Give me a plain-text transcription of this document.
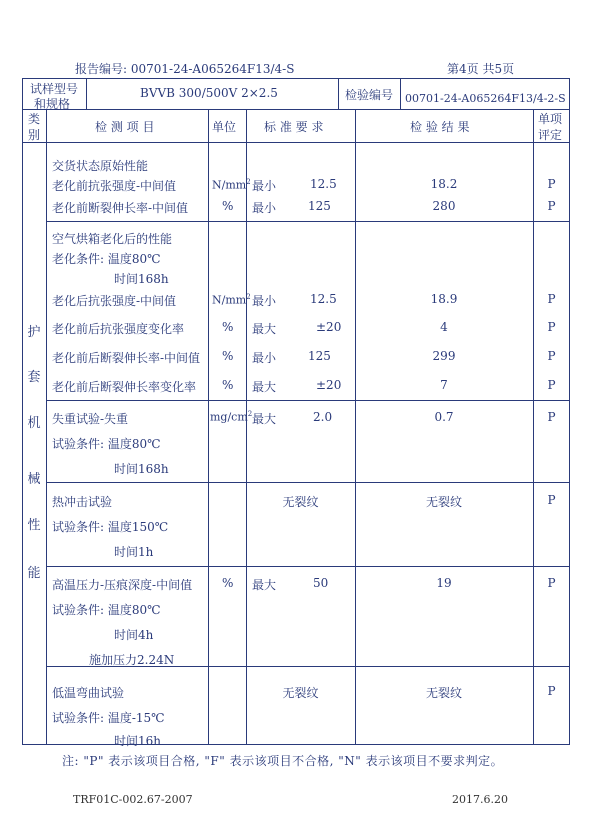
报告编号: 00701-24-A065264F13/4-S	第4页 共5页
试样型号
和规格
BVVB 300/500V 2×2.5	检验编号 00701-24-A065264F13/4-2-S
类
别
检 测 项 目	单位 标 准 要 求	检 验 结 果
单项
评定
护
套
机
械
性
能
交货状态原始性能
老化前抗张强度-中间值	$N/mm^2$ 最小	12.5	18.2	P
老化前断裂伸长率-中间值	% 最小	125	280	P
空气烘箱老化后的性能
老化条件: 温度80℃
时间168h
老化后抗张强度-中间值	$N/mm^2$ 最小	12.5	18.9	P
老化前后抗张强度变化率	% 最大	±20	4	P
老化前后断裂伸长率-中间值 % 最小	125	299	P
老化前后断裂伸长率变化率 % 最大	±20	7	P
失重试验-失重	$mg/cm^2$ 最大	2.0	0.7	P
试验条件: 温度80℃
时间168h
热冲击试验	无裂纹	无裂纹	P
试验条件: 温度150℃
时间1h
高温压力-压痕深度-中间值 % 最大	50	19	P
试验条件: 温度80℃
时间4h
施加压力2.24N
低温弯曲试验	无裂纹	无裂纹	P
试验条件: 温度-15℃
时间16h
注: "P" 表示该项目合格, "F" 表示该项目不合格, "N" 表示该项目不要求判定。
TRF01C-002.67-2007	2017.6.20
